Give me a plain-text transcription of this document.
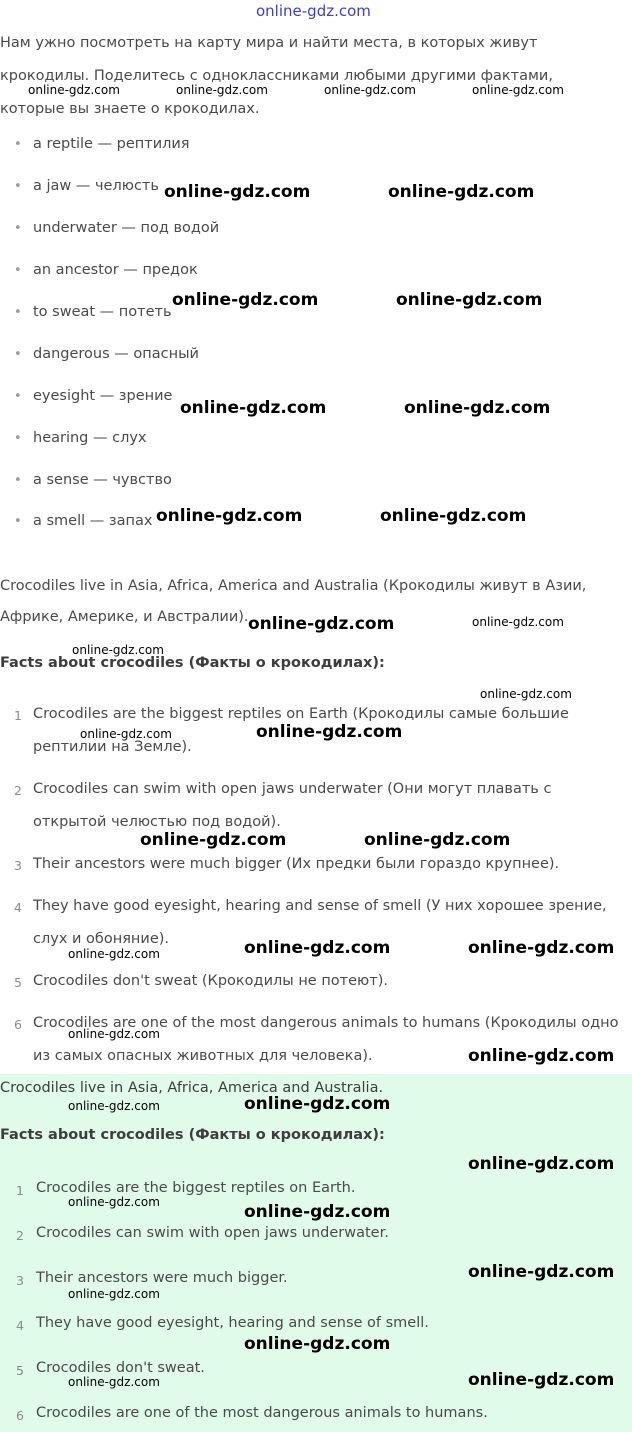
online-gdz.com
Нам ужно посмотреть на карту мира и найти места, в которых живут крокодилы. Поделитесь с одноклассниками любыми другими фактами, которые вы знаете о крокодилах.
• a reptile — рептилия
• a jaw — челюсть
• underwater — под водой
• an ancestor — предок
• to sweat — потеть
• dangerous — опасный
• eyesight — зрение
• hearing — слух
• a sense — чувство
• a smell — запах
Crocodiles live in Asia, Africa, America and Australia (Крокодилы живут в Азии, Африке, Америке, и Австралии).
Facts about crocodiles (Факты о крокодилах):
1 Crocodiles are the biggest reptiles on Earth (Крокодилы самые большие рептилии на Земле).
2 Crocodiles can swim with open jaws underwater (Они могут плавать с открытой челюстью под водой).
3 Their ancestors were much bigger (Их предки были гораздо крупнее).
4 They have good eyesight, hearing and sense of smell (У них хорошее зрение, слух и обоняние).
5 Crocodiles don't sweat (Крокодилы не потеют).
6 Crocodiles are one of the most dangerous animals to humans (Крокодилы одно из самых опасных животных для человека).
Crocodiles live in Asia, Africa, America and Australia.
Facts about crocodiles (Факты о крокодилах):
1 Crocodiles are the biggest reptiles on Earth.
2 Crocodiles can swim with open jaws underwater.
3 Their ancestors were much bigger.
4 They have good eyesight, hearing and sense of smell.
5 Crocodiles don't sweat.
6 Crocodiles are one of the most dangerous animals to humans.
online-gdz.com	online-gdz.com	online-gdz.com	online-gdz.com
online-gdz.com	online-gdz.com
online-gdz.com	online-gdz.com
online-gdz.com	online-gdz.com
online-gdz.com	online-gdz.com
online-gdz.com	online-gdz.com
online-gdz.com
online-gdz.com
online-gdz.com	online-gdz.com
online-gdz.com	online-gdz.com
online-gdz.com	online-gdz.com
online-gdz.com
online-gdz.com
online-gdz.com
online-gdz.com	online-gdz.com
online-gdz.com
online-gdz.com	online-gdz.com
online-gdz.com
online-gdz.com
online-gdz.com
online-gdz.com	online-gdz.com
